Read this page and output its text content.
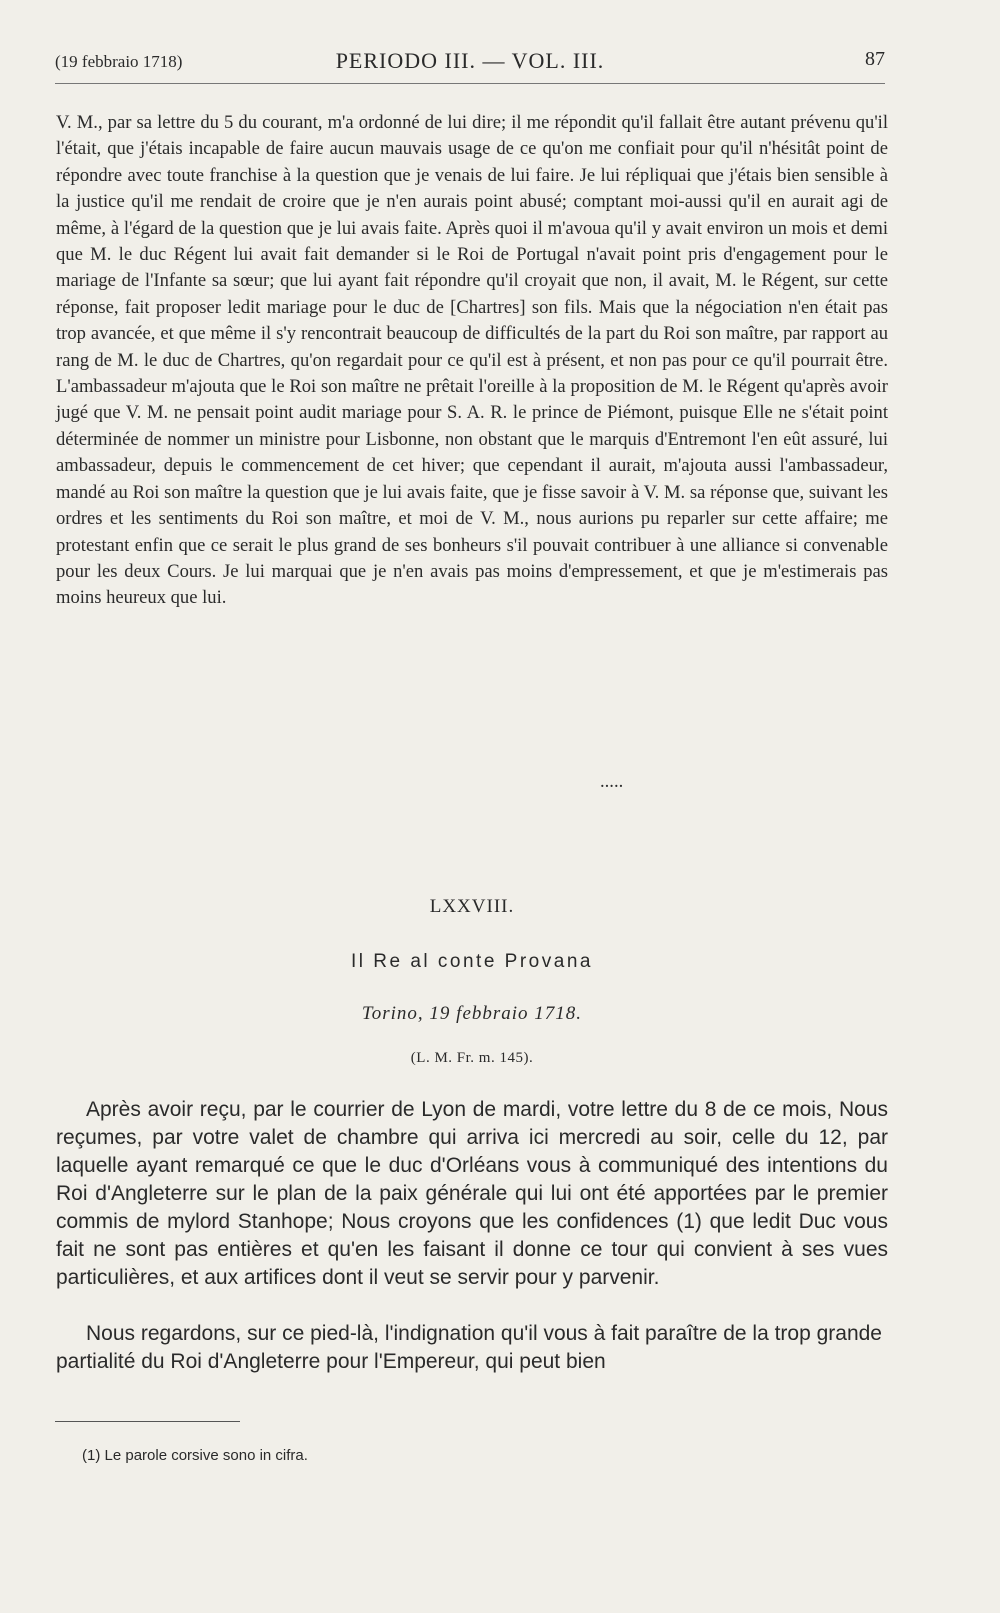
(19 febbraio 1718)	PERIODO III. — VOL. III.	87

V. M., par sa lettre du 5 du courant, m'a ordonné de lui dire; il me répondit qu'il fallait être autant prévenu qu'il l'était, que j'étais incapable de faire aucun mauvais usage de ce qu'on me confiait pour qu'il n'hésitât point de répondre avec toute franchise à la question que je venais de lui faire. Je lui répliquai que j'étais bien sensible à la justice qu'il me rendait de croire que je n'en aurais point abusé; comptant moi-aussi qu'il en aurait agi de même, à l'égard de la question que je lui avais faite. Après quoi il m'avoua qu'il y avait environ un mois et demi que M. le duc Régent lui avait fait demander si le Roi de Portugal n'avait point pris d'engagement pour le mariage de l'Infante sa sœur; que lui ayant fait répondre qu'il croyait que non, il avait, M. le Régent, sur cette réponse, fait proposer ledit mariage pour le duc de [Chartres] son fils. Mais que la négociation n'en était pas trop avancée, et que même il s'y rencontrait beaucoup de difficultés de la part du Roi son maître, par rapport au rang de M. le duc de Chartres, qu'on regardait pour ce qu'il est à présent, et non pas pour ce qu'il pourrait être. L'ambassadeur m'ajouta que le Roi son maître ne prêtait l'oreille à la proposition de M. le Régent qu'après avoir jugé que V. M. ne pensait point audit mariage pour S. A. R. le prince de Piémont, puisque Elle ne s'était point déterminée de nommer un ministre pour Lisbonne, non obstant que le marquis d'Entremont l'en eût assuré, lui ambassadeur, depuis le commencement de cet hiver; que cependant il aurait, m'ajouta aussi l'ambassadeur, mandé au Roi son maître la question que je lui avais faite, que je fisse savoir à V. M. sa réponse que, suivant les ordres et les sentiments du Roi son maître, et moi de V. M., nous aurions pu reparler sur cette affaire; me protestant enfin que ce serait le plus grand de ses bonheurs s'il pouvait contribuer à une alliance si convenable pour les deux Cours. Je lui marquai que je n'en avais pas moins d'empressement, et que je m'estimerais pas moins heureux que lui.

.....
LXXVIII.
Il Re al conte Provana
Torino, 19 febbraio 1718.
(L. M. Fr. m. 145).

Après avoir reçu, par le courrier de Lyon de mardi, votre lettre du 8 de ce mois, Nous reçumes, par votre valet de chambre qui arriva ici mercredi au soir, celle du 12, par laquelle ayant remarqué ce que le duc d'Orléans vous à communiqué des intentions du Roi d'Angleterre sur le plan de la paix générale qui lui ont été apportées par le premier commis de mylord Stanhope; Nous croyons que les confidences (1) que ledit Duc vous fait ne sont pas entières et qu'en les faisant il donne ce tour qui convient à ses vues particulières, et aux artifices dont il veut se servir pour y parvenir.

Nous regardons, sur ce pied-là, l'indignation qu'il vous à fait paraître de la trop grande partialité du Roi d'Angleterre pour l'Empereur, qui peut bien

(1) Le parole corsive sono in cifra.
